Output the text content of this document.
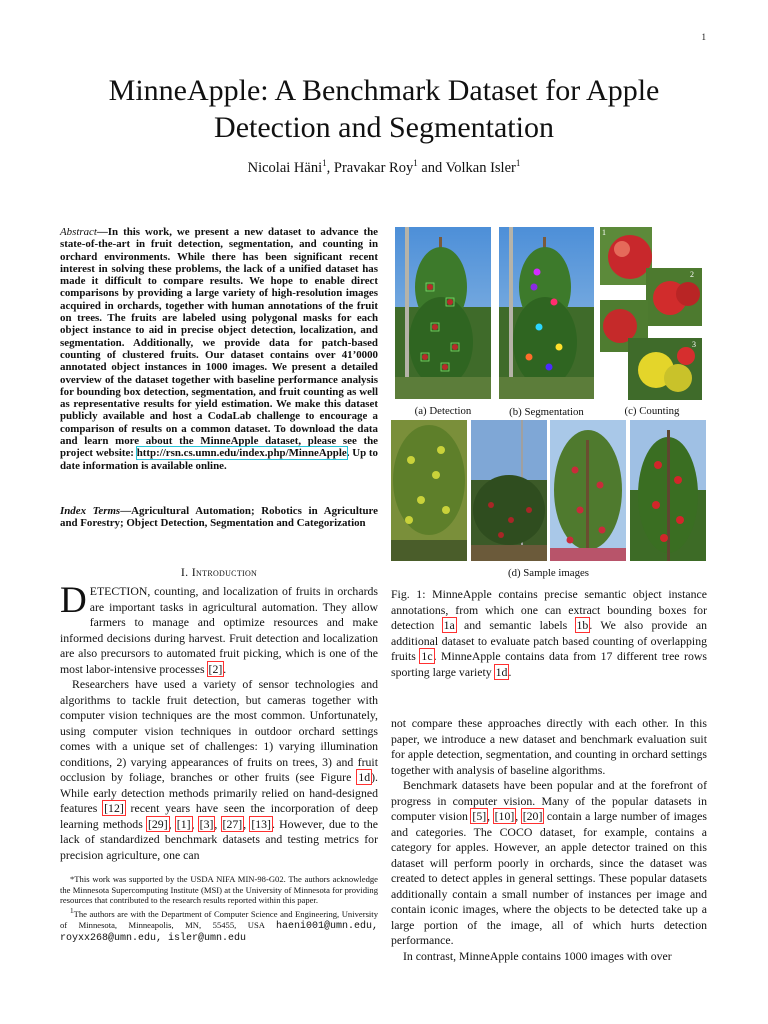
1
MinneApple: A Benchmark Dataset for Apple
Detection and Segmentation
Nicolai Häni$^1$, Pravakar Roy$^1$ and Volkan Isler$^1$
Abstract—In this work, we present a new dataset to advance the state-of-the-art in fruit detection, segmentation, and counting in orchard environments. While there has been significant recent interest in solving these problems, the lack of a unified dataset has made it difficult to compare results. We hope to enable direct comparisons by providing a large variety of high-resolution images acquired in orchards, together with human annotations of the fruit on trees. The fruits are labeled using polygonal masks for each object instance to aid in precise object detection, localization, and segmentation. Additionally, we provide data for patch-based counting of clustered fruits. Our dataset contains over 41’0000 annotated object instances in 1000 images. We present a detailed overview of the dataset together with baseline performance analysis for bounding box detection, segmentation, and fruit counting as well as representative results for yield estimation. We make this dataset publicly available and host a CodaLab challenge to encourage a comparison of results on a common dataset. To download the data and learn more about the MinneApple dataset, please see the project website: http://rsn.cs.umn.edu/index.php/MinneApple. Up to date information is available online.
Index Terms—Agricultural Automation; Robotics in Agriculture and Forestry; Object Detection, Segmentation and Categorization
I. Introduction

DETECTION, counting, and localization of fruits in orchards are important tasks in agricultural automation. They allow farmers to manage and optimize resources and make informed decisions during harvest. Fruit detection and localization are also precursors to automated fruit picking, which is one of the most labor-intensive processes [2].

Researchers have used a variety of sensor technologies and algorithms to tackle fruit detection, but cameras together with computer vision techniques are the most common. Unfortunately, using computer vision techniques in outdoor orchard settings comes with a unique set of challenges: 1) varying illumination conditions, 2) varying appearances of fruits on trees, 3) and fruit occlusion by foliage, branches or other fruits (see Figure 1d). While early detection methods primarily relied on hand-designed features [12] recent years have seen the incorporation of deep learning methods [29], [1], [3], [27], [13]. However, due to the lack of standardized benchmark datasets and testing metrics for precision agriculture, one can

*This work was supported by the USDA NIFA MIN-98-G02. The authors acknowledge the Minnesota Supercomputing Institute (MSI) at the University of Minnesota for providing resources that contributed to the research results reported within this paper.
$^1$The authors are with the Department of Computer Science and Engineering, University of Minnesota, Minneapolis, MN, 55455, USA haeni001@umn.edu, royxx268@umn.edu, isler@umn.edu
1
2
3
(a) Detection	(b) Segmentation	(c) Counting
(d) Sample images
Fig. 1: MinneApple contains precise semantic object instance annotations, from which one can extract bounding boxes for detection 1a and semantic labels 1b. We also provide an additional dataset to evaluate patch based counting of overlapping fruits 1c. MinneApple contains data from 17 different tree rows sporting large variety 1d.

not compare these approaches directly with each other. In this paper, we introduce a new dataset and benchmark evaluation suit for apple detection, segmentation, and counting in orchard settings together with analysis of baseline algorithms.

Benchmark datasets have been popular and at the forefront of progress in computer vision. Many of the popular datasets in computer vision [5], [10], [20] contain a large number of images and categories. The COCO dataset, for example, contains a category for apples. However, an apple detector trained on this dataset will perform poorly in orchards, since the dataset was created to detect apples in general settings. These popular datasets additionally contain a small number of instances per image and contain iconic images, where the objects to be detected take up a large portion of the image, all of which hurts detection performance.

In contrast, MinneApple contains 1000 images with over
